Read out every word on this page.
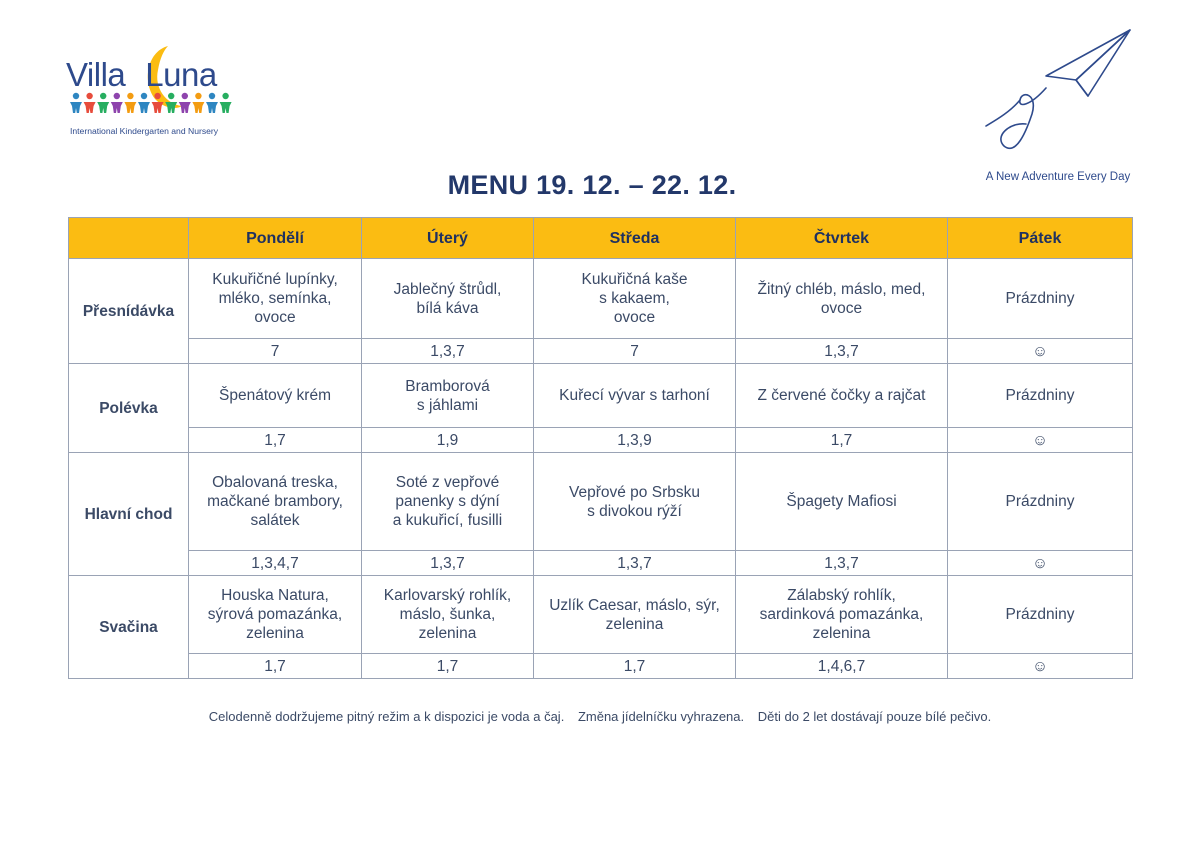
Villa Luna
International Kindergarten and Nursery
A New Adventure Every Day
MENU 19. 12. – 22. 12.
	Pondělí	Úterý	Středa	Čtvrtek	Pátek
Přesnídávka	Kukuřičné lupínky,
mléko, semínka,
ovoce	Jablečný štrůdl,
bílá káva	Kukuřičná kaše
s kakaem,
ovoce	Žitný chléb, máslo, med,
ovoce	Prázdniny
	7	1,3,7	7	1,3,7	☺
Polévka	Špenátový krém	Bramborová
s jáhlami	Kuřecí vývar s tarhoní	Z červené čočky a rajčat	Prázdniny
	1,7	1,9	1,3,9	1,7	☺
Hlavní chod	Obalovaná treska,
mačkané brambory,
salátek	Soté z vepřové
panenky s dýní
a kukuřicí, fusilli	Vepřové po Srbsku
s divokou rýží	Špagety Mafiosi	Prázdniny
	1,3,4,7	1,3,7	1,3,7	1,3,7	☺
Svačina	Houska Natura,
sýrová pomazánka,
zelenina	Karlovarský rohlík,
máslo, šunka,
zelenina	Uzlík Caesar, máslo, sýr,
zelenina	Zálabský rohlík,
sardinková pomazánka,
zelenina	Prázdniny
	1,7	1,7	1,7	1,4,6,7	☺
Celodenně dodržujeme pitný režim a k dispozici je voda a čaj. Změna jídelníčku vyhrazena. Děti do 2 let dostávají pouze bílé pečivo.
